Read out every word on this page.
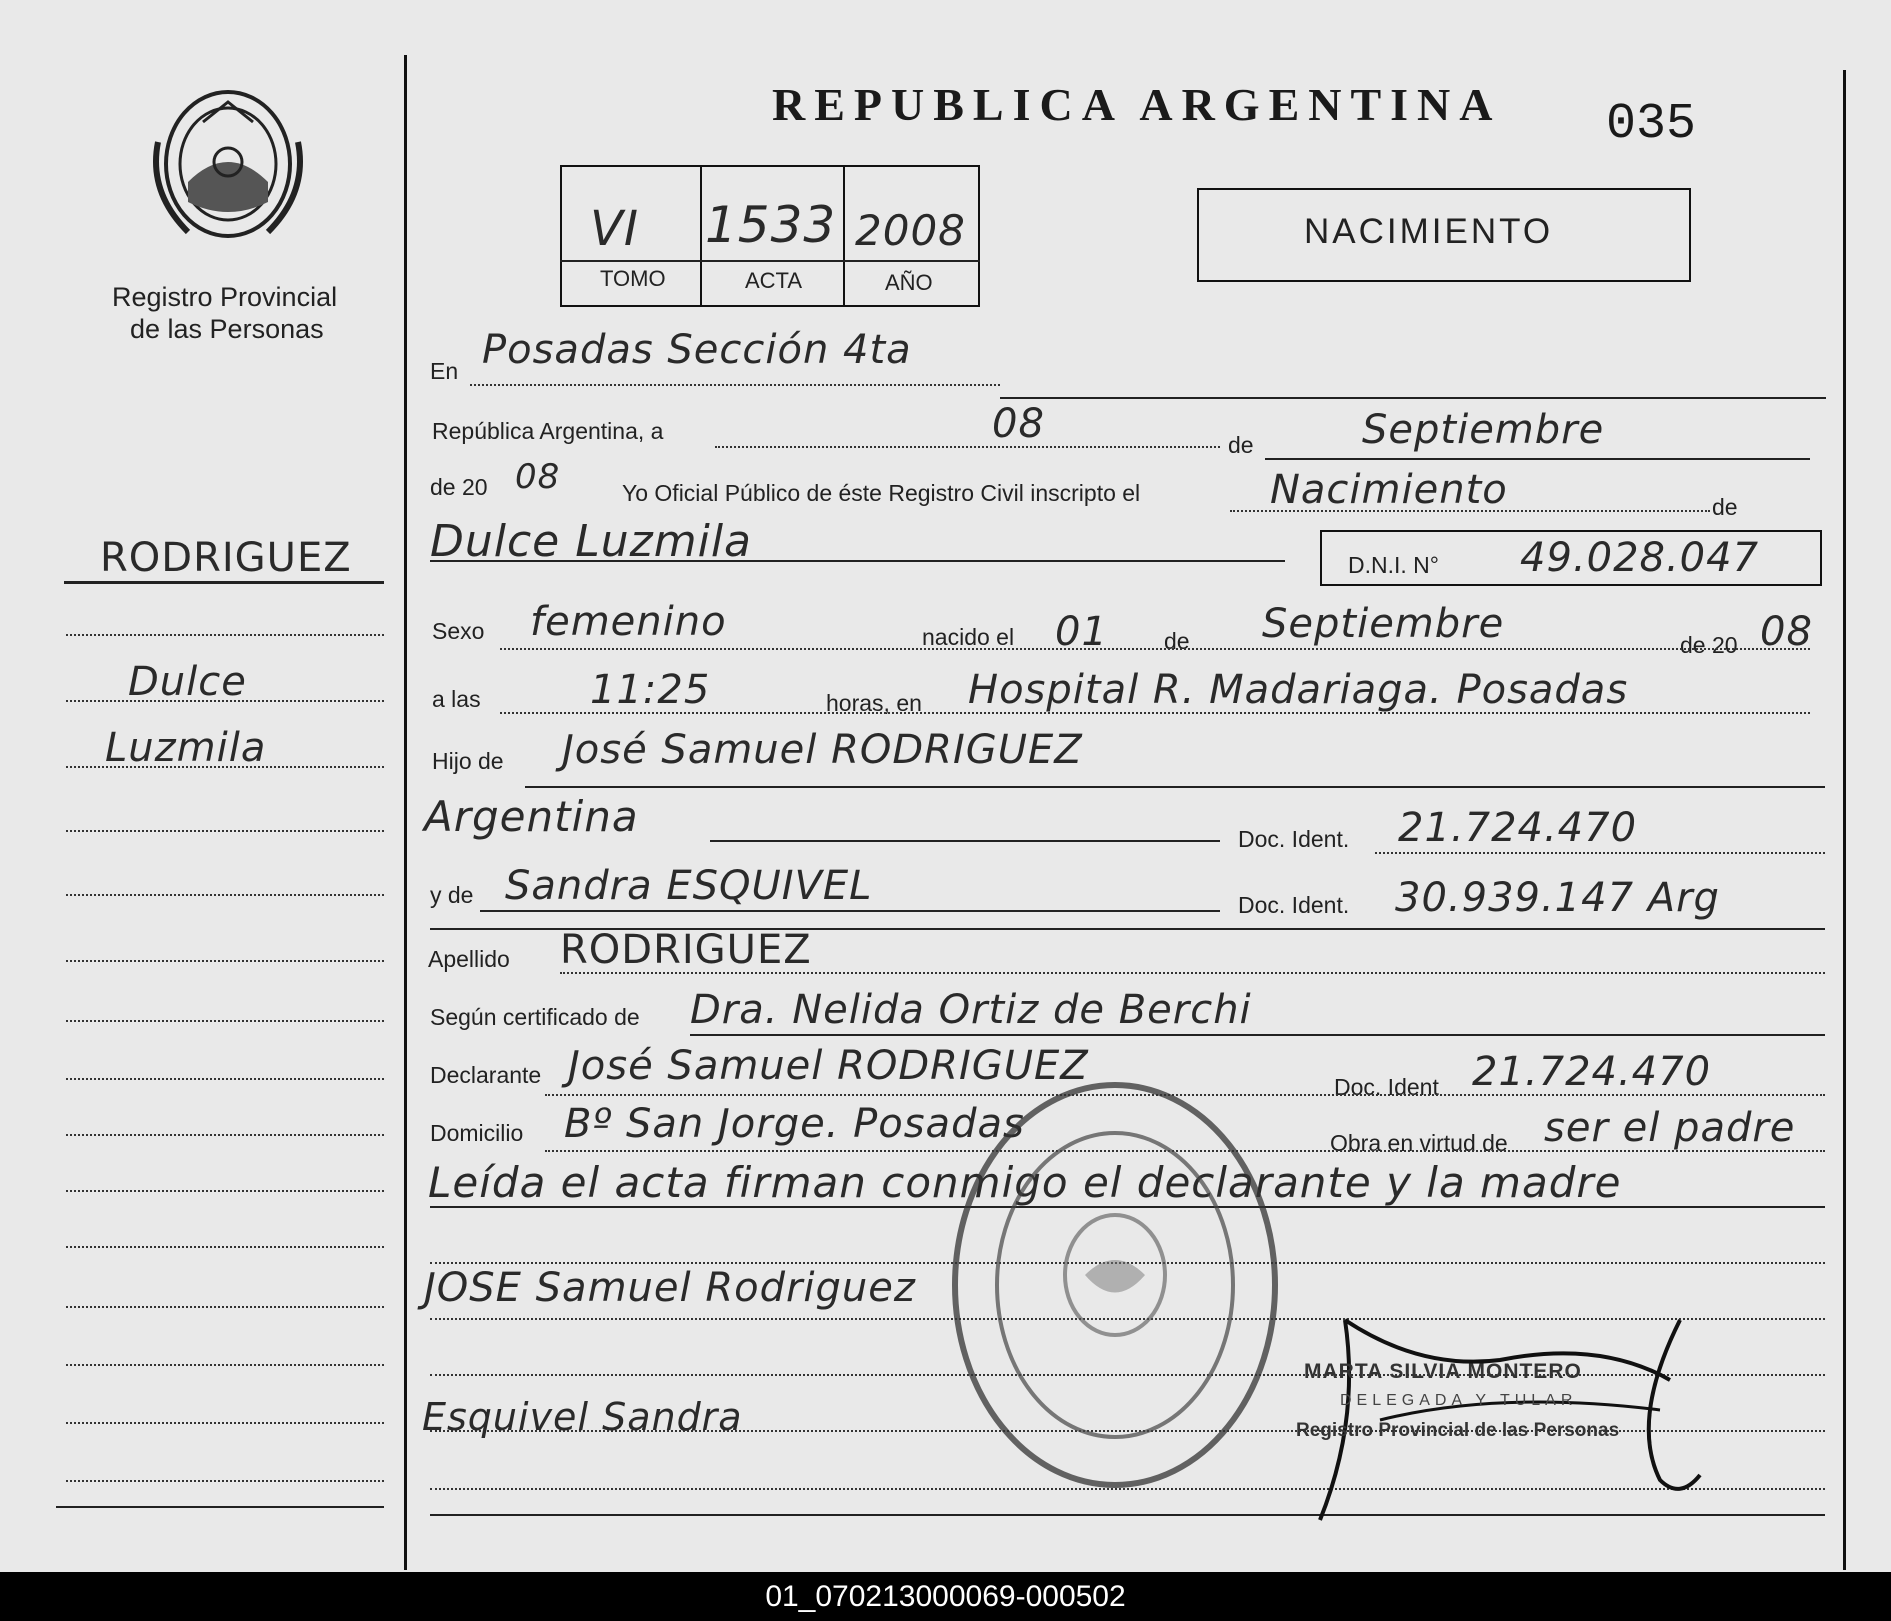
Registro Provincial
de las Personas
REPUBLICA ARGENTINA 035
VI 1533 2008
TOMO	ACTA	AÑO
NACIMIENTO
RODRIGUEZ
Dulce
Luzmila
En Posadas Sección 4ta
República Argentina, a	08	de	Septiembre
de 20 08	Yo Oficial Público de éste Registro Civil inscripto el	Nacimiento	de
Dulce Luzmila	D.N.I. N° 49.028.047
Sexo femenino	nacido el 01 de Septiembre	de 20 08
a las	11:25	horas, en Hospital R. Madariaga. Posadas
Hijo de José Samuel RODRIGUEZ
Argentina	Doc. Ident. 21.724.470
y de Sandra ESQUIVEL	Doc. Ident. 30.939.147 Arg
Apellido RODRIGUEZ
Según certificado de Dra. Nelida Ortiz de Berchi
Declarante José Samuel RODRIGUEZ	Doc. Ident 21.724.470
Domicilio Bº San Jorge. Posadas	Obra en virtud de ser el padre
Leída el acta firman conmigo el declarante y la madre
JOSE Samuel Rodriguez
Esquivel Sandra
MARTA SILVIA MONTERO
DELEGADA Y TULAR
Registro Provincial de las Personas
01_070213000069-000502
